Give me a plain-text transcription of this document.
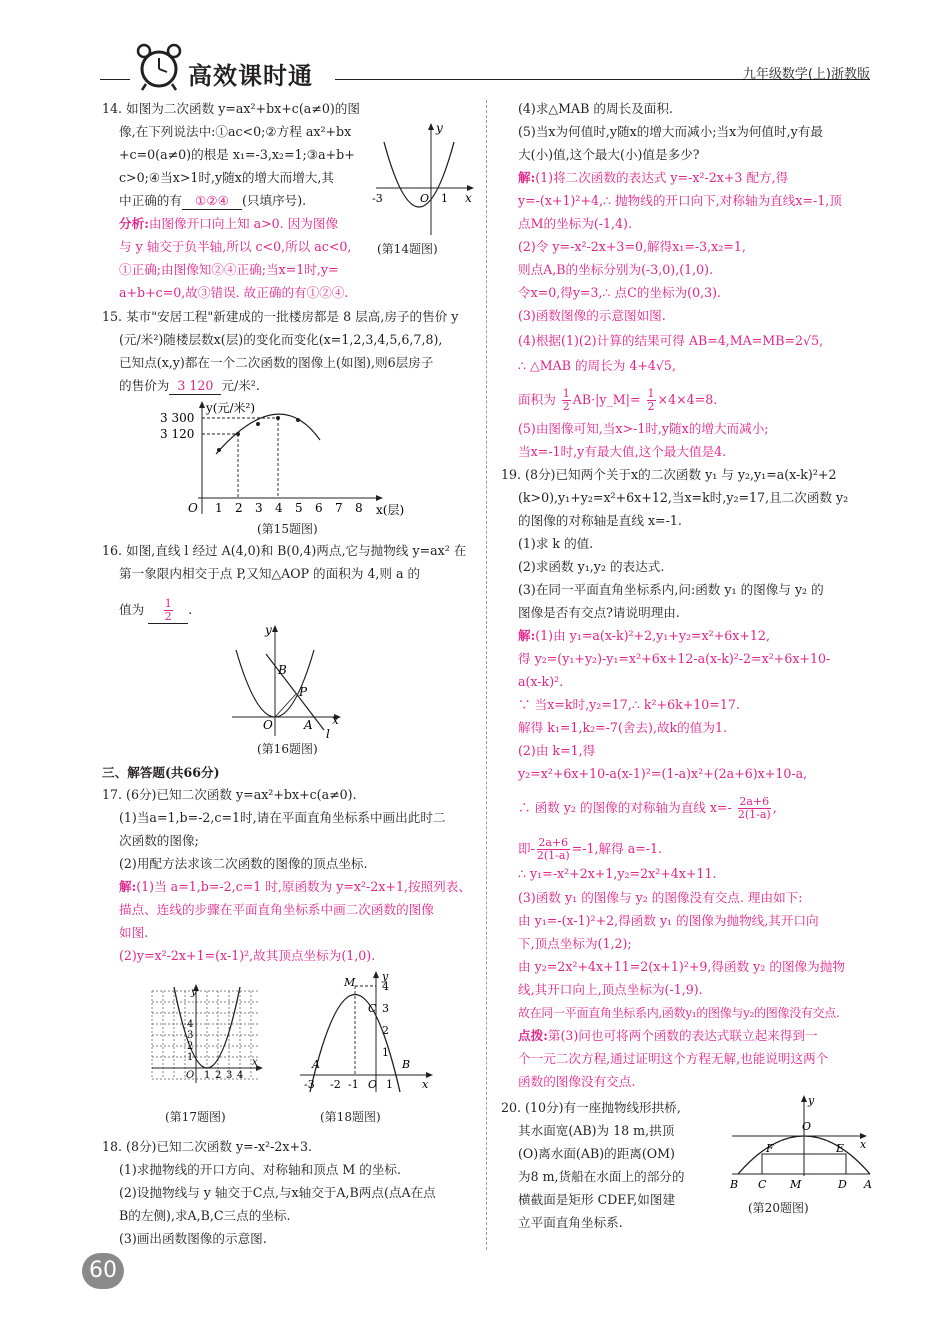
高效课时通	九年级数学(上)浙教版
14. 如图为二次函数 y=ax²+bx+c(a≠0)的图
像,在下列说法中:①ac<0;②方程 ax²+bx
+c=0(a≠0)的根是 x₁=-3,x₂=1;③a+b+
c>0;④当x>1时,y随x的增大而增大,其
中正确的有 ①②④ (只填序号).
分析:由图像开口向上知 a>0. 因为图像
与 y 轴交于负半轴,所以 c<0,所以 ac<0,
①正确;由图像知②④正确;当x=1时,y=
a+b+c=0,故③错误. 故正确的有①②④.
y
x
O
-3	1
(第14题图)
15. 某市"安居工程"新建成的一批楼房都是 8 层高,房子的售价 y
(元/米²)随楼层数x(层)的变化而变化(x=1,2,3,4,5,6,7,8),
已知点(x,y)都在一个二次函数的图像上(如图),则6层房子
的售价为 3 120 元/米².
y(元/米²)
3 300
3 120
O 1 2 3 4 5 6 7 8 x(层)
(第15题图)
16. 如图,直线 l 经过 A(4,0)和 B(0,4)两点,它与抛物线 y=ax² 在
第一象限内相交于点 P,又知△AOP 的面积为 4,则 a 的
值为 $\frac{1}{2}$ .
y
x
B
P
O	A
l
(第16题图)
三、解答题(共66分)
17. (6分)已知二次函数 y=ax²+bx+c(a≠0).
(1)当a=1,b=-2,c=1时,请在平面直角坐标系中画出此时二
次函数的图像;
(2)用配方法求该二次函数的图像的顶点坐标.
解:(1)当 a=1,b=-2,c=1 时,原函数为 y=x²-2x+1,按照列表、
描点、连线的步骤在平面直角坐标系中画二次函数的图像
如图.
(2)y=x²-2x+1=(x-1)²,故其顶点坐标为(1,0).
y
x
O 1 2 3 4
4
3
2
1
(第17题图)
y
x
M
C
A	B
O
4
3
2
1
-3 -2 -1 1
(第18题图)
18. (8分)已知二次函数 y=-x²-2x+3.
(1)求抛物线的开口方向、对称轴和顶点 M 的坐标.
(2)设抛物线与 y 轴交于C点,与x轴交于A,B两点(点A在点
B的左侧),求A,B,C三点的坐标.
(3)画出函数图像的示意图.
60
(4)求△MAB 的周长及面积.
(5)当x为何值时,y随x的增大而减小;当x为何值时,y有最
大(小)值,这个最大(小)值是多少?
解:(1)将二次函数的表达式 y=-x²-2x+3 配方,得
y=-(x+1)²+4,∴ 抛物线的开口向下,对称轴为直线x=-1,顶
点M的坐标为(-1,4).
(2)令 y=-x²-2x+3=0,解得x₁=-3,x₂=1,
则点A,B的坐标分别为(-3,0),(1,0).
令x=0,得y=3,∴ 点C的坐标为(0,3).
(3)函数图像的示意图如图.
(4)根据(1)(2)计算的结果可得 AB=4,MA=MB=2√5,
∴ △MAB 的周长为 4+4√5,
面积为 $\frac{1}{2}$ AB·|y_M|= $\frac{1}{2} \times 4\times 4=8$.
(5)由图像可知,当x>-1时,y随x的增大而减小;
当x=-1时,y有最大值,这个最大值是4.
19. (8分)已知两个关于x的二次函数 y₁ 与 y₂,y₁=a(x-k)²+2
(k>0),y₁+y₂=x²+6x+12,当x=k时,y₂=17,且二次函数 y₂
的图像的对称轴是直线 x=-1.
(1)求 k 的值.
(2)求函数 y₁,y₂ 的表达式.
(3)在同一平面直角坐标系内,问:函数 y₁ 的图像与 y₂ 的
图像是否有交点?请说明理由.
解:(1)由 y₁=a(x-k)²+2,y₁+y₂=x²+6x+12,
得 y₂=(y₁+y₂)-y₁=x²+6x+12-a(x-k)²-2=x²+6x+10-
a(x-k)².
∵ 当x=k时,y₂=17,∴ k²+6k+10=17.
解得 k₁=1,k₂=-7(舍去),故k的值为1.
(2)由 k=1,得
y₂=x²+6x+10-a(x-1)²=(1-a)x²+(2a+6)x+10-a,
∴ 函数 y₂ 的图像的对称轴为直线 $x=- \frac{2a+6}{2(1-a)}$ ,
即- $\frac{2a+6}{2(1-a)} =-1$,解得 a=-1.
∴ y₁=-x²+2x+1,y₂=2x²+4x+11.
(3)函数 y₁ 的图像与 y₂ 的图像没有交点. 理由如下:
由 y₁=-(x-1)²+2,得函数 y₁ 的图像为抛物线,其开口向
下,顶点坐标为(1,2);
由 y₂=2x²+4x+11=2(x+1)²+9,得函数 y₂ 的图像为抛物
线,其开口向上,顶点坐标为(-1,9).
故在同一平面直角坐标系内,函数y₁的图像与y₂的图像没有交点.
点拨:第(3)问也可将两个函数的表达式联立起来得到一
个一元二次方程,通过证明这个方程无解,也能说明这两个
函数的图像没有交点.
20. (10分)有一座抛物线形拱桥,
其水面宽(AB)为 18 m,拱顶
(O)离水面(AB)的距离(OM)
为8 m,货船在水面上的部分的
横截面是矩形 CDEF,如图建
立平面直角坐标系.
y
x
O
F	E
B C M	D A
(第20题图)
